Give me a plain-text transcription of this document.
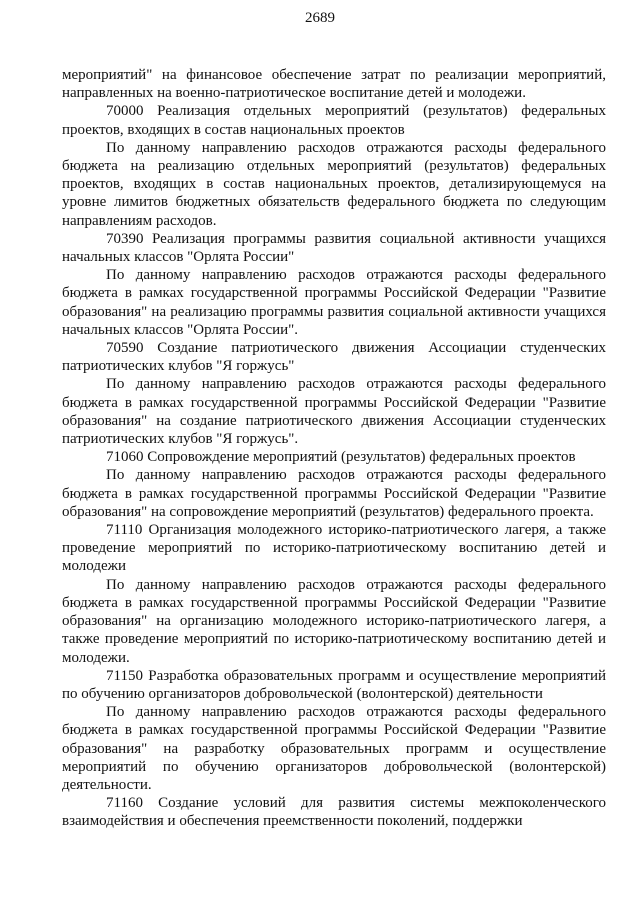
2689

мероприятий" на финансовое обеспечение затрат по реализации мероприятий, направленных на военно-патриотическое воспитание детей и молодежи.

70000 Реализация отдельных мероприятий (результатов) федеральных проектов, входящих в состав национальных проектов

По данному направлению расходов отражаются расходы федерального бюджета на реализацию отдельных мероприятий (результатов) федеральных проектов, входящих в состав национальных проектов, детализирующемуся на уровне лимитов бюджетных обязательств федерального бюджета по следующим направлениям расходов.

70390 Реализация программы развития социальной активности учащихся начальных классов "Орлята России"

По данному направлению расходов отражаются расходы федерального бюджета в рамках государственной программы Российской Федерации "Развитие образования" на реализацию программы развития социальной активности учащихся начальных классов "Орлята России".

70590 Создание патриотического движения Ассоциации студенческих патриотических клубов "Я горжусь"

По данному направлению расходов отражаются расходы федерального бюджета в рамках государственной программы Российской Федерации "Развитие образования" на создание патриотического движения Ассоциации студенческих патриотических клубов "Я горжусь".

71060 Сопровождение мероприятий (результатов) федеральных проектов

По данному направлению расходов отражаются расходы федерального бюджета в рамках государственной программы Российской Федерации "Развитие образования" на сопровождение мероприятий (результатов) федерального проекта.

71110 Организация молодежного историко-патриотического лагеря, а также проведение мероприятий по историко-патриотическому воспитанию детей и молодежи

По данному направлению расходов отражаются расходы федерального бюджета в рамках государственной программы Российской Федерации "Развитие образования" на организацию молодежного историко-патриотического лагеря, а также проведение мероприятий по историко-патриотическому воспитанию детей и молодежи.

71150 Разработка образовательных программ и осуществление мероприятий по обучению организаторов добровольческой (волонтерской) деятельности

По данному направлению расходов отражаются расходы федерального бюджета в рамках государственной программы Российской Федерации "Развитие образования" на разработку образовательных программ и осуществление мероприятий по обучению организаторов добровольческой (волонтерской) деятельности.

71160 Создание условий для развития системы межпоколенческого взаимодействия и обеспечения преемственности поколений, поддержки
